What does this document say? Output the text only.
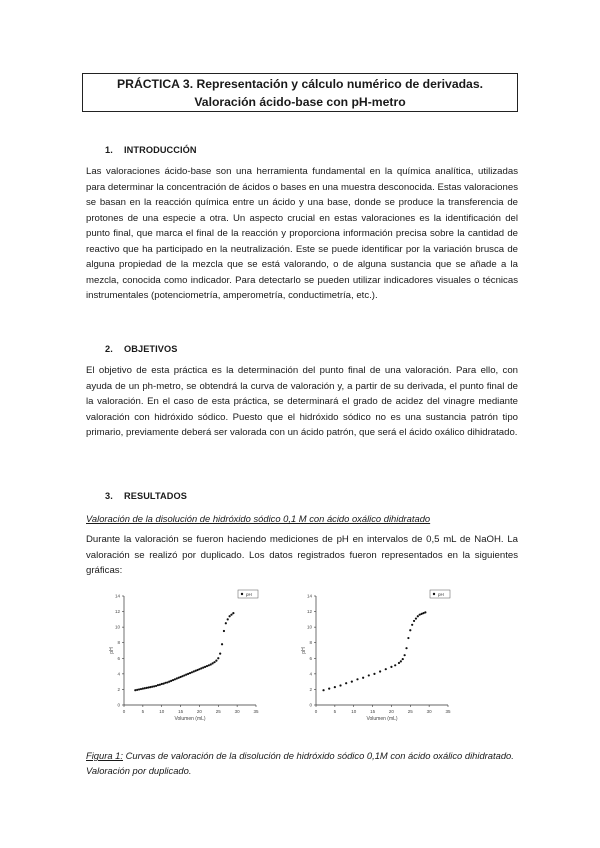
PRÁCTICA 3. Representación y cálculo numérico de derivadas.
Valoración ácido-base con pH-metro
1. INTRODUCCIÓN
Las valoraciones ácido-base son una herramienta fundamental en la química analítica, utilizadas para determinar la concentración de ácidos o bases en una muestra desconocida. Estas valoraciones se basan en la reacción química entre un ácido y una base, donde se produce la transferencia de protones de una especie a otra. Un aspecto crucial en estas valoraciones es la identificación del punto final, que marca el final de la reacción y proporciona información precisa sobre la cantidad de reactivo que ha participado en la neutralización. Este se puede identificar por la variación brusca de alguna propiedad de la mezcla que se está valorando, o de alguna sustancia que se añade a la mezcla, conocida como indicador. Para detectarlo se pueden utilizar indicadores visuales o técnicas instrumentales (potenciometría, amperometría, conductimetría, etc.).
2. OBJETIVOS
El objetivo de esta práctica es la determinación del punto final de una valoración. Para ello, con ayuda de un ph-metro, se obtendrá la curva de valoración y, a partir de su derivada, el punto final de la valoración. En el caso de esta práctica, se determinará el grado de acidez del vinagre mediante valoración con hidróxido sódico. Puesto que el hidróxido sódico no es una sustancia patrón tipo primario, previamente deberá ser valorada con un ácido patrón, que será el ácido oxálico dihidratado.
3. RESULTADOS
Valoración de la disolución de hidróxido sódico 0,1 M con ácido oxálico dihidratado
Durante la valoración se fueron haciendo mediciones de pH en intervalos de 0,5 mL de NaOH. La valoración se realizó por duplicado. Los datos registrados fueron representados en la siguientes gráficas:
0	5	10	15	20	25	30	35
0
2
4
6
8
10
12
14
Volumen (mL)
pH
pH
0	5	10	15	20	25	30	35
0
2
4
6
8
10
12
14
Volumen (mL)
pH
pH
Figura 1: Curvas de valoración de la disolución de hidróxido sódico 0,1M con ácido oxálico dihidratado. Valoración por duplicado.
